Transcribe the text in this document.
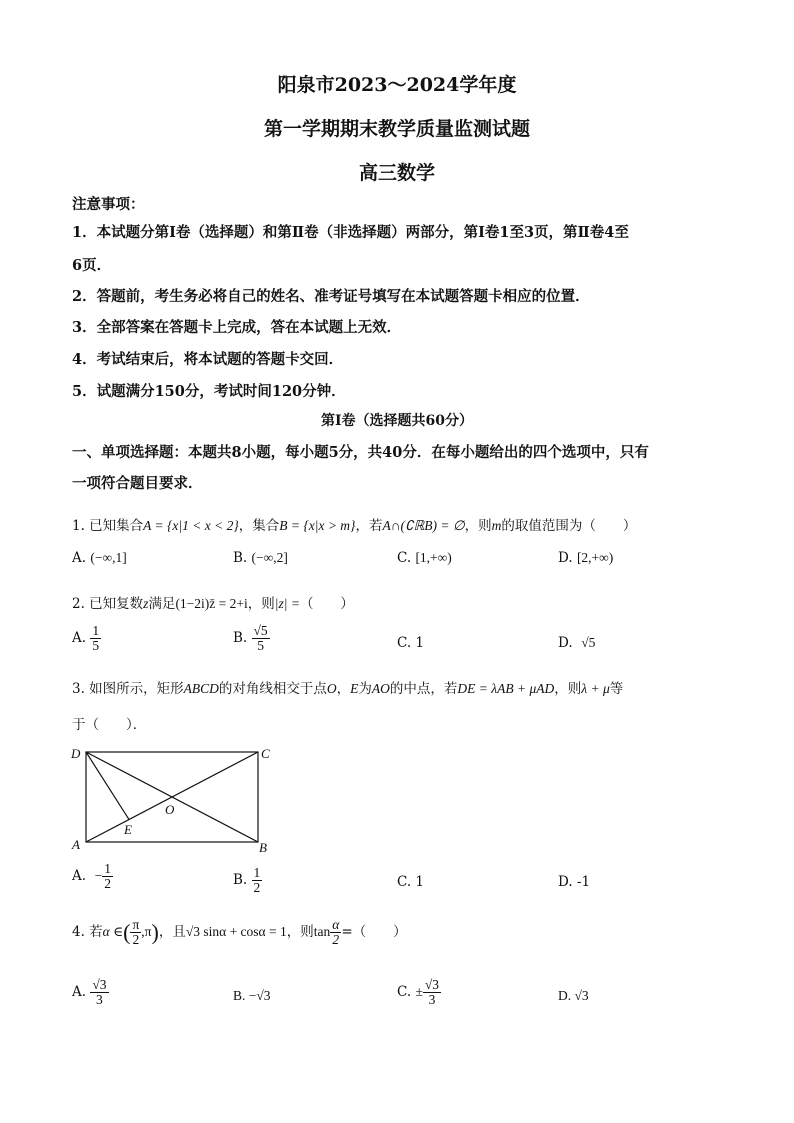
阳泉市2023～2024学年度
第一学期期末教学质量监测试题
高三数学
注意事项：
1．本试题分第Ⅰ卷（选择题）和第Ⅱ卷（非选择题）两部分，第Ⅰ卷1至3页，第Ⅱ卷4至
6页．
2．答题前，考生务必将自己的姓名、准考证号填写在本试题答题卡相应的位置．
3．全部答案在答题卡上完成，答在本试题上无效．
4．考试结束后，将本试题的答题卡交回．
5．试题满分150分，考试时间120分钟．
第Ⅰ卷（选择题共60分）
一、单项选择题：本题共8小题，每小题5分，共40分．在每小题给出的四个选项中，只有
一项符合题目要求．
1. 已知集合A = {x|1 < x < 2}，集合B = {x|x > m}，若A∩(∁ℝB) = ∅，则m的取值范围为（　　）
A. (−∞,1]	B. (−∞,2]	C. [1,+∞)	D. [2,+∞)
2. 已知复数z满足(1−2i)z̄ = 2+i，则|z| =（　　）
A. $\frac{1}{5}$	B. $\frac{√5}{5}$	C. 1	D. √5
3. 如图所示，矩形ABCD的对角线相交于点O，E为AO的中点，若DE = λAB + μAD，则λ + μ等
于（　　）．
D	C
A	B
O
E
A. − $\frac{1}{2}$	B. $\frac{1}{2}$	C. 1	D. -1
4. 若α ∈( $\frac{\pi}{2} ,\pi$)，且√3 sinα + cosα = 1，则$\tan \frac{\alpha}{2}$ =（　　）
A. $\frac{√3}{3}$	B. −√3	C. ± $\frac{√3}{3}$	D. √3
